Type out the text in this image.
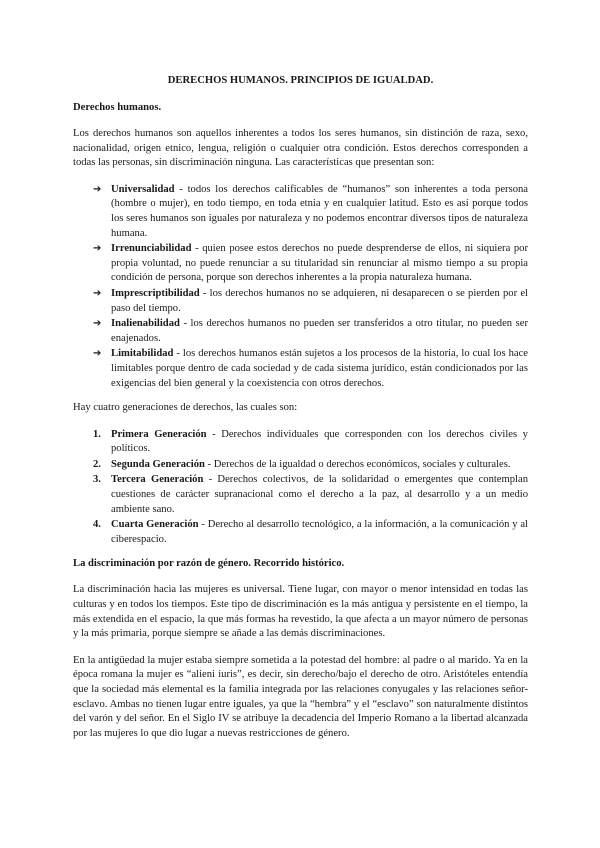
DERECHOS HUMANOS. PRINCIPIOS DE IGUALDAD.
Derechos humanos.

Los derechos humanos son aquellos inherentes a todos los seres humanos, sin distinción de raza, sexo, nacionalidad, origen etnico, lengua, religión o cualquier otra condición. Estos derechos corresponden a todas las personas, sin discriminación ninguna. Las características que presentan son:

➔ Universalidad - todos los derechos calificables de “humanos” son inherentes a toda persona (hombre o mujer), en todo tiempo, en toda etnia y en cualquier latitud. Esto es así porque todos los seres humanos son iguales por naturaleza y no podemos encontrar diversos tipos de naturaleza humana.
➔ Irrenunciabilidad - quien posee estos derechos no puede desprenderse de ellos, ni siquiera por propia voluntad, no puede renunciar a su titularidad sin renunciar al mismo tiempo a su propia condición de persona, porque son derechos inherentes a la propia naturaleza humana.
➔ Imprescriptibilidad - los derechos humanos no se adquieren, ni desaparecen o se pierden por el paso del tiempo.
➔ Inalienabilidad - los derechos humanos no pueden ser transferidos a otro titular, no pueden ser enajenados.
➔ Limitabilidad - los derechos humanos están sujetos a los procesos de la historia, lo cual los hace limitables porque dentro de cada sociedad y de cada sistema jurídico, están condicionados por las exigencias del bien general y la coexistencia con otros derechos.

Hay cuatro generaciones de derechos, las cuales son:

1. Primera Generación - Derechos individuales que corresponden con los derechos civiles y políticos.
2. Segunda Generación - Derechos de la igualdad o derechos económicos, sociales y culturales.
3. Tercera Generación - Derechos colectivos, de la solidaridad o emergentes que contemplan cuestiones de carácter supranacional como el derecho a la paz, al desarrollo y a un medio ambiente sano.
4. Cuarta Generación - Derecho al desarrollo tecnológico, a la información, a la comunicación y al ciberespacio.
La discriminación por razón de género. Recorrido histórico.

La discriminación hacia las mujeres es universal. Tiene lugar, con mayor o menor intensidad en todas las culturas y en todos los tiempos. Este tipo de discriminación es la más antigua y persistente en el tiempo, la más extendida en el espacio, la que más formas ha revestido, la que afecta a un mayor número de personas y la más primaria, porque siempre se añade a las demás discriminaciones.

En la antigüedad la mujer estaba siempre sometida a la potestad del hombre: al padre o al marido. Ya en la época romana la mujer es “alieni iuris”, es decir, sin derecho/bajo el derecho de otro. Aristóteles entendía que la sociedad más elemental es la familia integrada por las relaciones conyugales y las relaciones señor-esclavo. Ambas no tienen lugar entre iguales, ya que la “hembra” y el “esclavo” son naturalmente distintos del varón y del señor. En el Siglo IV se atribuye la decadencia del Imperio Romano a la libertad alcanzada por las mujeres lo que dio lugar a nuevas restricciones de género.
